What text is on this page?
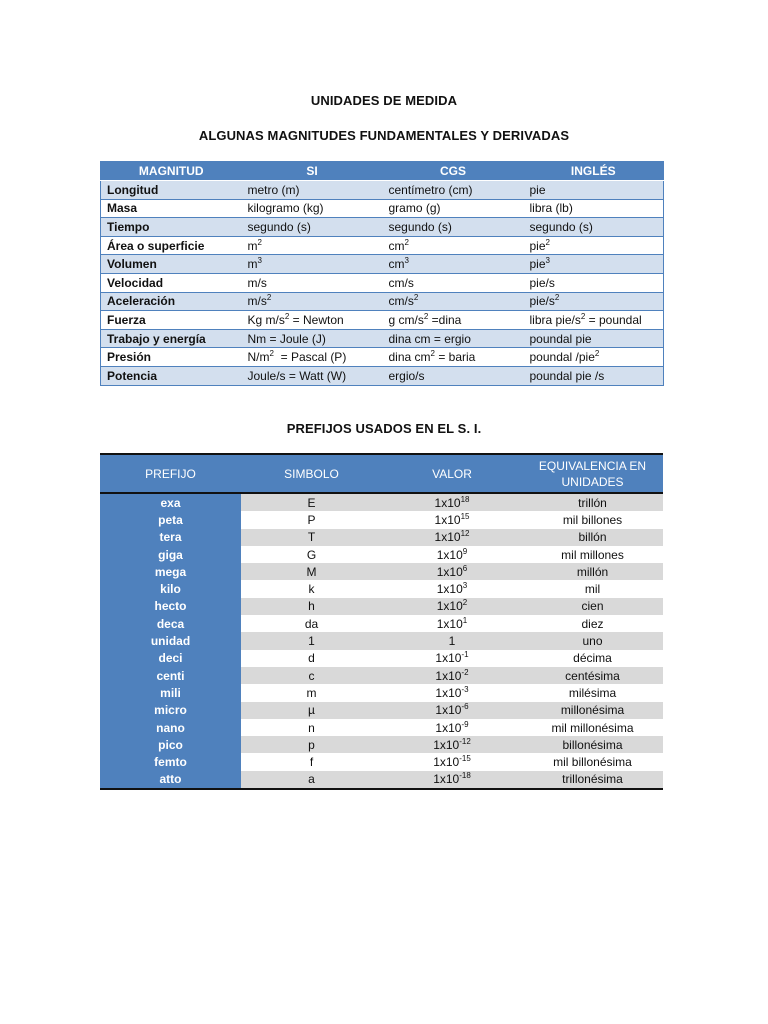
UNIDADES DE MEDIDA
ALGUNAS MAGNITUDES FUNDAMENTALES Y DERIVADAS
MAGNITUD	SI	CGS	INGLÉS
Longitud	metro (m)	centímetro (cm)	pie
Masa	kilogramo (kg)	gramo (g)	libra (lb)
Tiempo	segundo (s)	segundo (s)	segundo (s)
Área o superficie	$m^2$	$cm^2$	pie$^2$
Volumen	$m^3$	$cm^3$	pie$^3$
Velocidad	m/s	cm/s	pie/s
Aceleración	$m/s^2$	$cm/s^2$	pie/$s^2$
Fuerza	Kg $m/s^2$ = Newton	g $cm/s^2$ =dina	libra pie/$s^2$ = poundal
Trabajo y energía	Nm = Joule (J)	dina cm = ergio	poundal pie
Presión	$N/m^2$  = Pascal (P)	dina $cm^2$ = baria	poundal /pie$^2$
Potencia	Joule/s = Watt (W)	ergio/s	poundal pie /s
PREFIJOS USADOS EN EL S. I.
PREFIJO	SIMBOLO	VALOR	EQUIVALENCIA EN UNIDADES
exa	E	$1x10^{18}$	trillón
peta	P	$1x10^{15}$	mil billones
tera	T	$1x10^{12}$	billón
giga	G	$1x10^9$	mil millones
mega	M	$1x10^6$	millón
kilo	k	$1x10^3$	mil
hecto	h	$1x10^2$	cien
deca	da	$1x10^1$	diez
unidad	1	1	uno
deci	d	$1x10^{-1}$	décima
centi	c	$1x10^{-2}$	centésima
mili	m	$1x10^{-3}$	milésima
micro	µ	$1x10^{-6}$	millonésima
nano	n	$1x10^{-9}$	mil millonésima
pico	p	$1x10^{-12}$	billonésima
femto	f	$1x10^{-15}$	mil billonésima
atto	a	$1x10^{-18}$	trillonésima
